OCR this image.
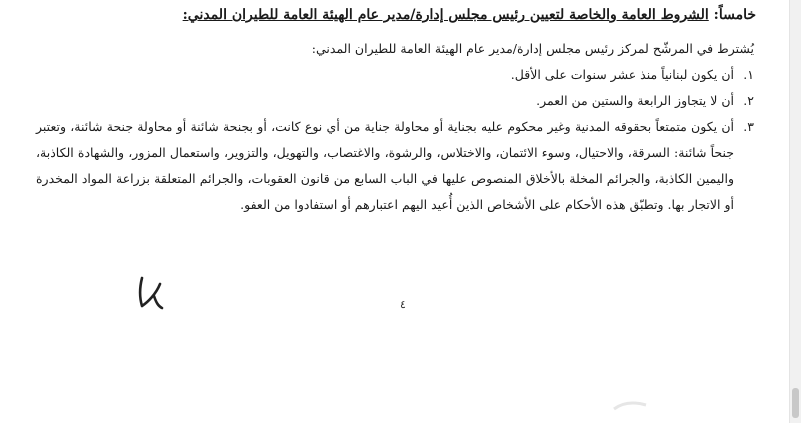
خامساً: الشروط العامة والخاصة لتعيين رئيس مجلس إدارة/مدير عام الهيئة العامة للطيران المدني:

يُشترط في المرشّح لمركز رئيس مجلس إدارة/مدير عام الهيئة العامة للطيران المدني:

١.
أن يكون لبنانياً منذ عشر سنوات على الأقل.
٢.
أن لا يتجاوز الرابعة والستين من العمر.
٣.
أن يكون متمتعاً بحقوقه المدنية وغير محكوم عليه بجناية أو محاولة جناية من أي نوع كانت، أو بجنحة شائنة أو محاولة جنحة شائنة، وتعتبر جنحاً شائنة: السرقة، والاحتيال، وسوء الائتمان، والاختلاس، والرشوة، والاغتصاب، والتهويل، والتزوير، واستعمال المزور، والشهادة الكاذبة، واليمين الكاذبة، والجرائم المخلة بالأخلاق المنصوص عليها في الباب السابع من قانون العقوبات، والجرائم المتعلقة بزراعة المواد المخدرة أو الاتجار بها. وتطبّق هذه الأحكام على الأشخاص الذين أُعيد اليهم اعتبارهم أو استفادوا من العفو.
٤
